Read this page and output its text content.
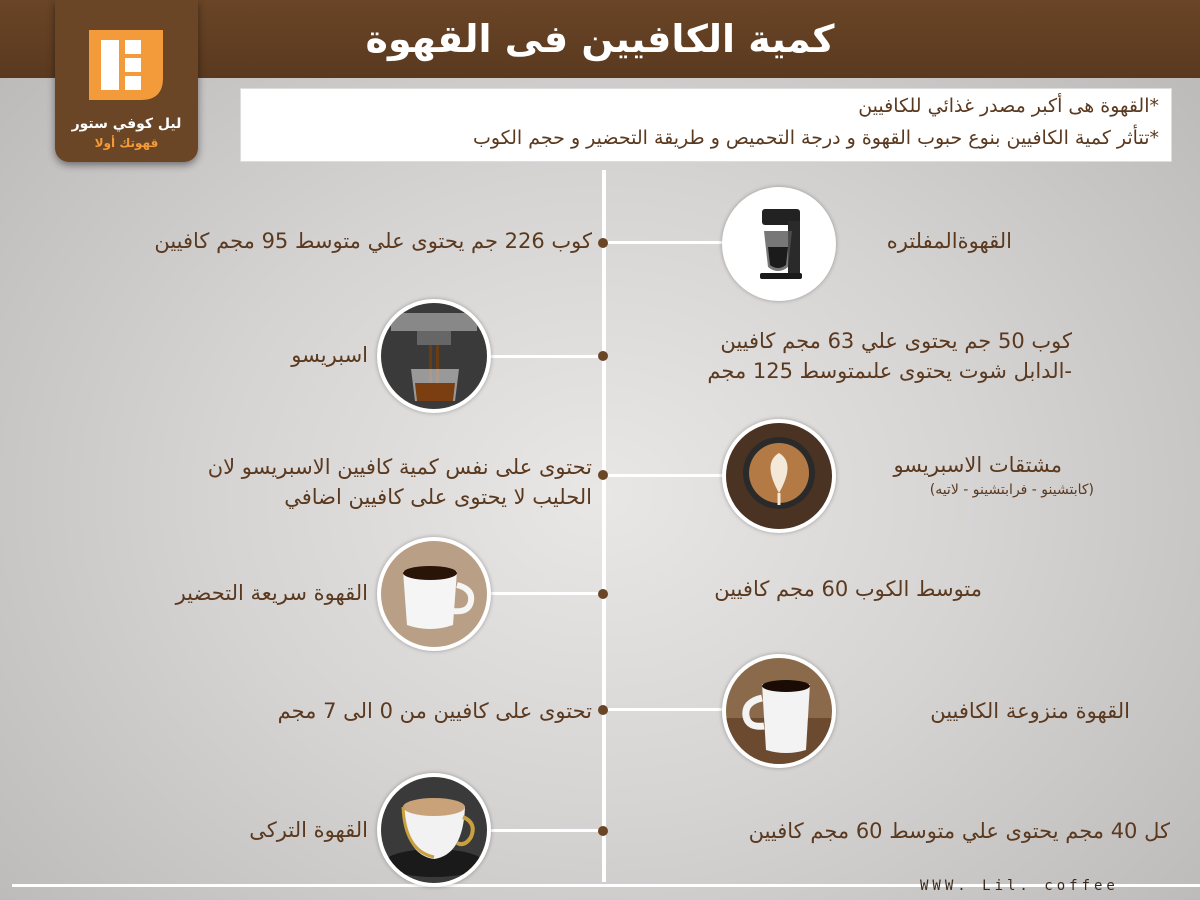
كمية الكافيين فى القهوة
ليل كوفي ستور
قهوتك أولا
*القهوة هى أكبر مصدر غذائي للكافيين
*تتأثر كمية الكافيين بنوع حبوب القهوة و درجة التحميص و طريقة التحضير و حجم الكوب
القهوةالمفلتره
كوب 226 جم يحتوى علي متوسط 95 مجم كافيين
اسبريسو
كوب 50 جم يحتوى علي 63 مجم كافيين
-الدابل شوت يحتوى علىمتوسط 125 مجم
مشتقات الاسبريسو
(كابتشينو - فرابتشينو - لاتيه)
تحتوى على نفس كمية كافيين الاسبريسو لان
الحليب لا يحتوى على كافيين اضافي
القهوة سريعة التحضير	متوسط الكوب 60 مجم كافيين
القهوة منزوعة الكافيين
تحتوى على كافيين من 0 الى 7 مجم
القهوة التركى	كل 40 مجم يحتوى علي متوسط 60 مجم كافيين
WWW. Lil. coffee
